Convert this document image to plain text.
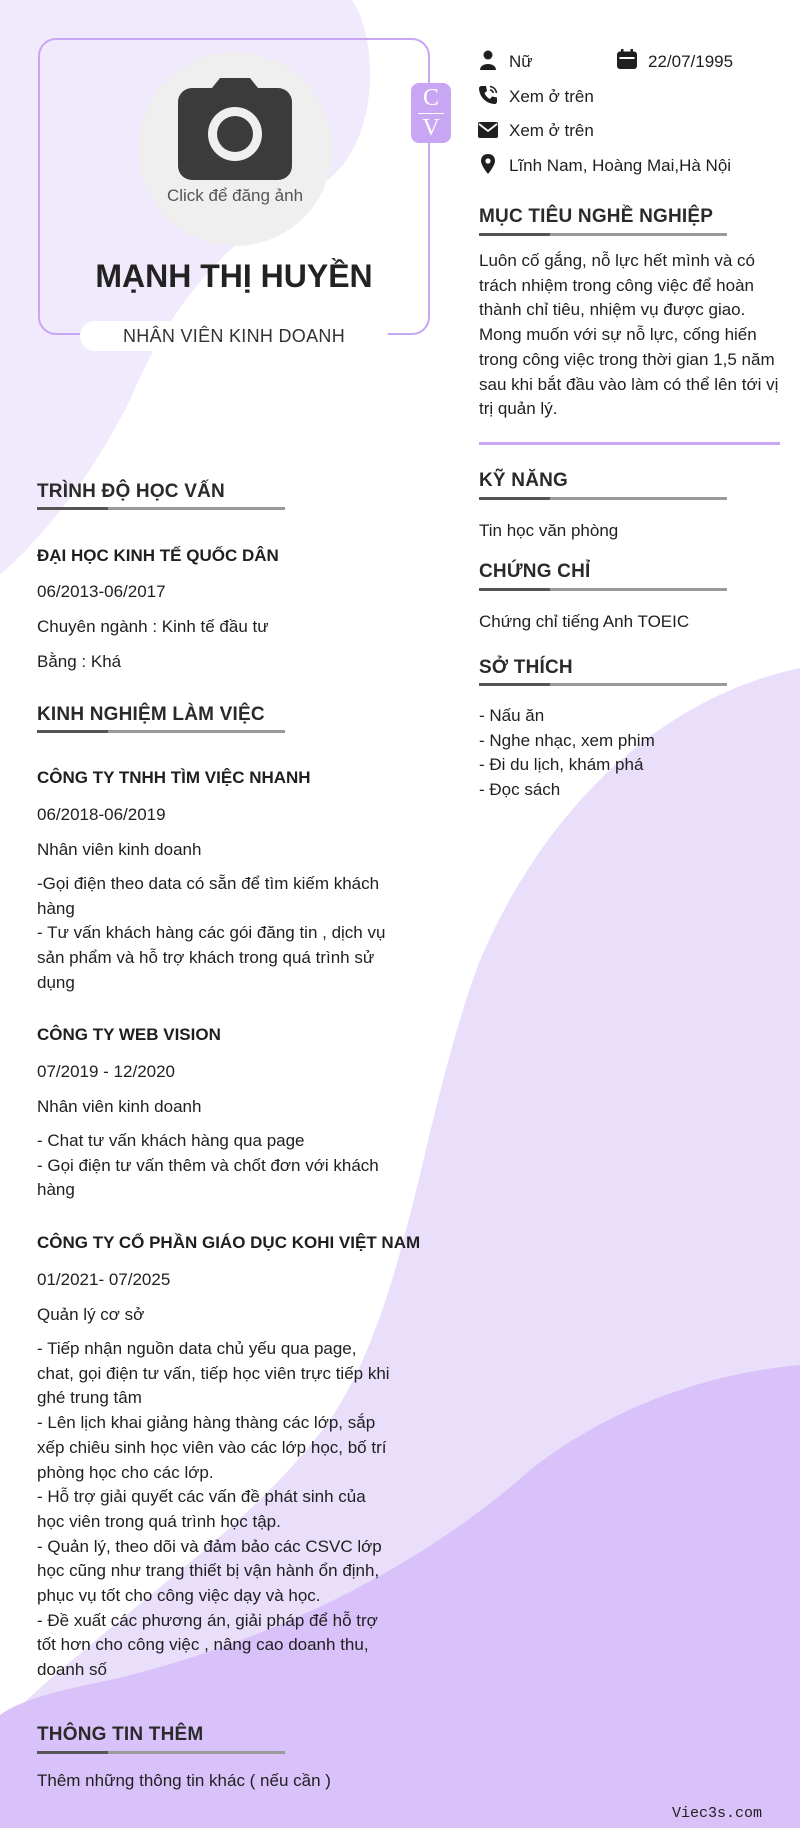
Click để đăng ảnh
C
V
MẠNH THỊ HUYỀN
NHÂN VIÊN KINH DOANH
Nữ	22/07/1995
Xem ở trên
Xem ở trên
Lĩnh Nam, Hoàng Mai,Hà Nội
MỤC TIÊU NGHỀ NGHIỆP
Luôn cố gắng, nỗ lực hết mình và có
trách nhiệm trong công việc để hoàn
thành chỉ tiêu, nhiệm vụ được giao.
Mong muốn với sự nỗ lực, cống hiến
trong công việc trong thời gian 1,5 năm
sau khi bắt đầu vào làm có thể lên tới vị
trị quản lý.
KỸ NĂNG
Tin học văn phòng
CHỨNG CHỈ
Chứng chỉ tiếng Anh TOEIC
SỞ THÍCH
- Nấu ăn
- Nghe nhạc, xem phim
- Đi du lịch, khám phá
- Đọc sách
TRÌNH ĐỘ HỌC VẤN
ĐẠI HỌC KINH TẾ QUỐC DÂN
06/2013-06/2017
Chuyên ngành : Kinh tế đầu tư
Bằng : Khá
KINH NGHIỆM LÀM VIỆC
CÔNG TY TNHH TÌM VIỆC NHANH
06/2018-06/2019
Nhân viên kinh doanh
-Gọi điện theo data có sẵn để tìm kiếm khách
hàng
- Tư vấn khách hàng các gói đăng tin , dịch vụ
sản phẩm và hỗ trợ khách trong quá trình sử
dụng
CÔNG TY WEB VISION
07/2019 - 12/2020
Nhân viên kinh doanh
- Chat tư vấn khách hàng qua page
- Gọi điện tư vấn thêm và chốt đơn với khách
hàng
CÔNG TY CỔ PHẦN GIÁO DỤC KOHI VIỆT NAM
01/2021- 07/2025
Quản lý cơ sở
- Tiếp nhận nguồn data chủ yếu qua page,
chat, gọi điện tư vấn, tiếp học viên trực tiếp khi
ghé trung tâm
- Lên lịch khai giảng hàng thàng các lớp, sắp
xếp chiêu sinh học viên vào các lớp học, bố trí
phòng học cho các lớp.
- Hỗ trợ giải quyết các vấn đề phát sinh của
học viên trong quá trình học tập.
- Quản lý, theo dõi và đảm bảo các CSVC lớp
học cũng như trang thiết bị vận hành ổn định,
phục vụ tốt cho công việc dạy và học.
- Đề xuất các phương án, giải pháp để hỗ trợ
tốt hơn cho công việc , nâng cao doanh thu,
doanh số
THÔNG TIN THÊM
Thêm những thông tin khác ( nếu cần )
Viec3s.com
